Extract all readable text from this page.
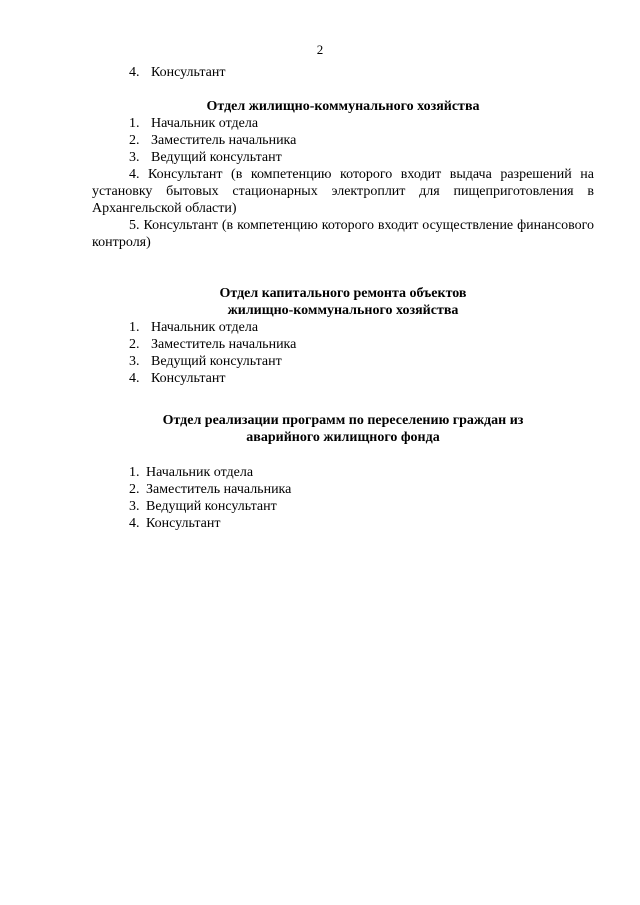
2
4. Консультант
Отдел жилищно-коммунального хозяйства
1. Начальник отдела
2. Заместитель начальника
3. Ведущий консультант
4. Консультант (в компетенцию которого входит выдача разрешений на установку бытовых стационарных электроплит для пищеприготовления в Архангельской области)
5. Консультант (в компетенцию которого входит осуществление финансового контроля)
Отдел капитального ремонта объектов
жилищно-коммунального хозяйства
1. Начальник отдела
2. Заместитель начальника
3. Ведущий консультант
4. Консультант
Отдел реализации программ по переселению граждан из
аварийного жилищного фонда
1. Начальник отдела
2. Заместитель начальника
3. Ведущий консультант
4. Консультант
